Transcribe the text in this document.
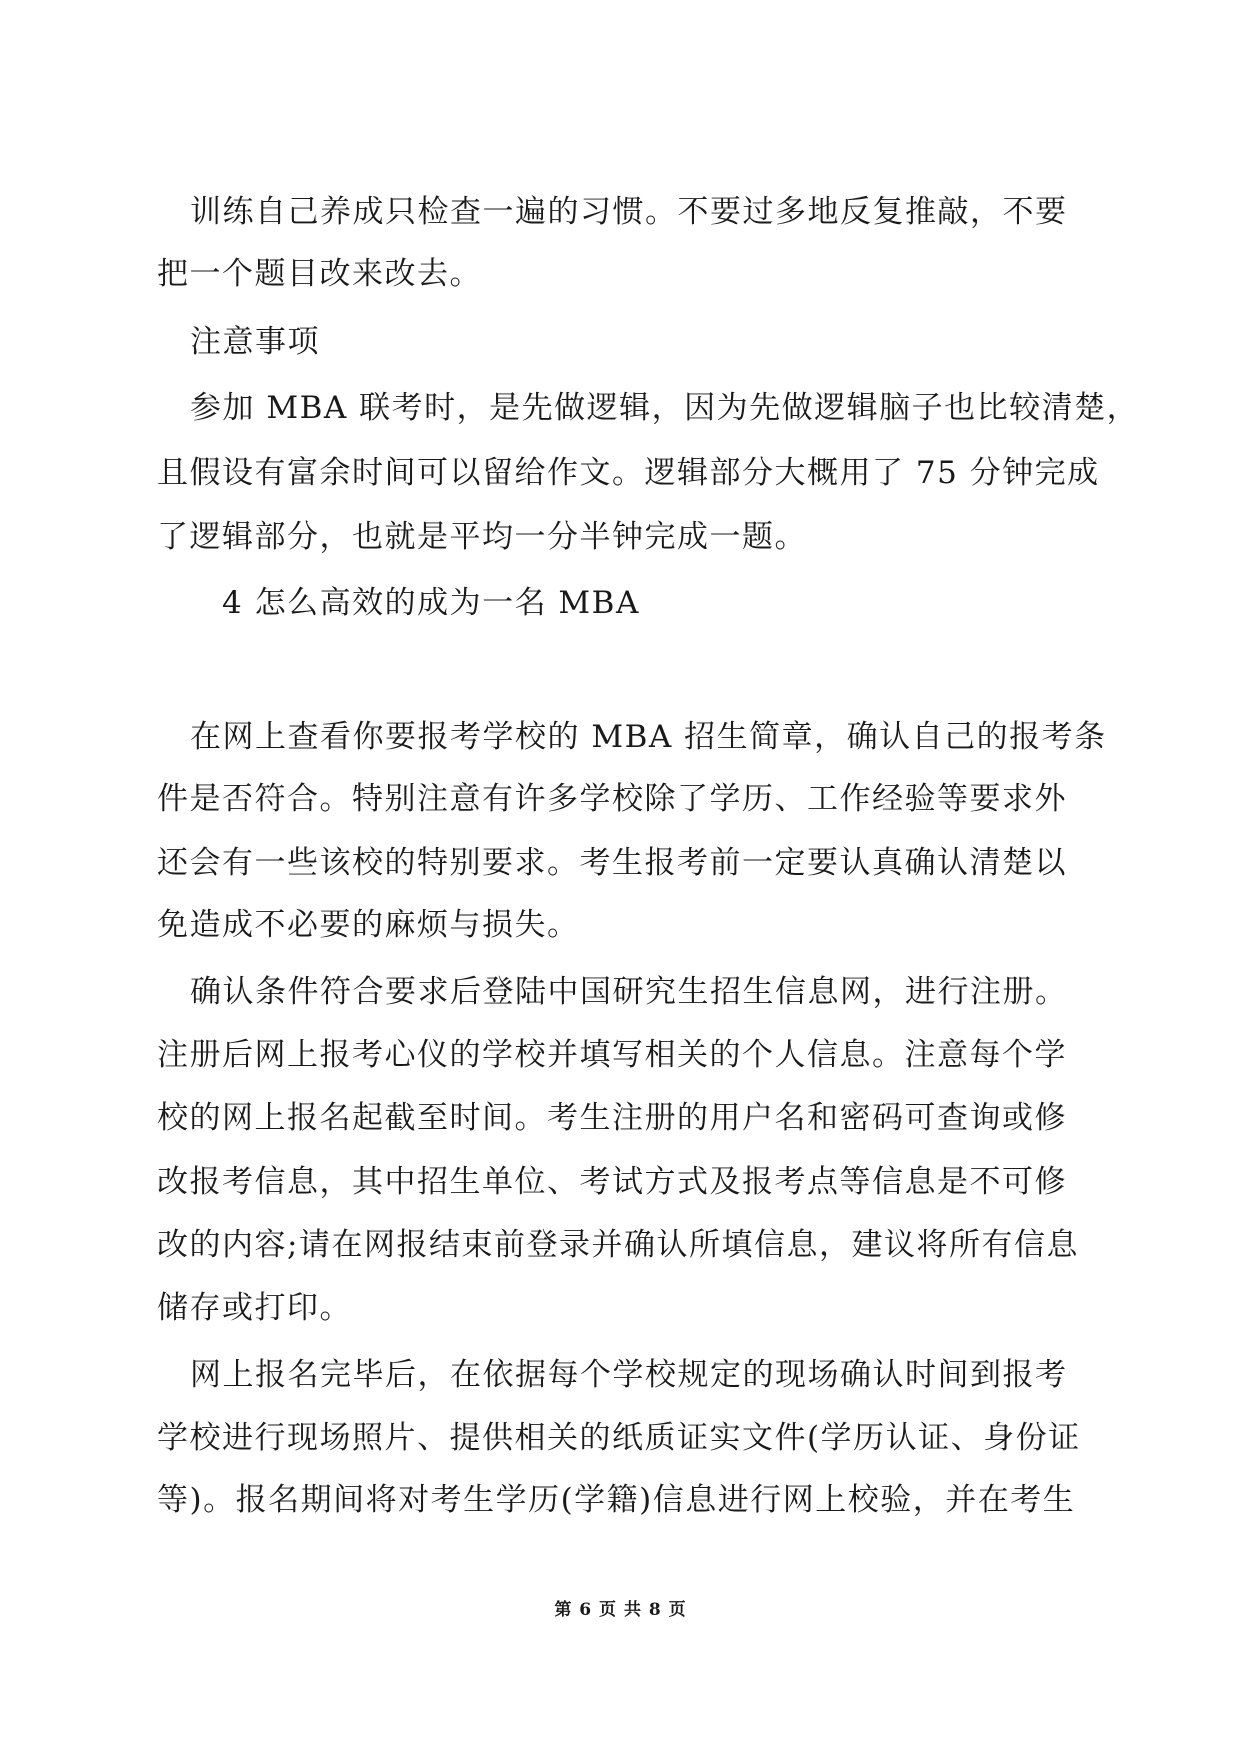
训练自己养成只检查一遍的习惯。不要过多地反复推敲，不要
把一个题目改来改去。
注意事项
参加 MBA 联考时，是先做逻辑，因为先做逻辑脑子也比较清楚，
且假设有富余时间可以留给作文。逻辑部分大概用了 75 分钟完成
了逻辑部分，也就是平均一分半钟完成一题。
4 怎么高效的成为一名 MBA
在网上查看你要报考学校的 MBA 招生简章，确认自己的报考条
件是否符合。特别注意有许多学校除了学历、工作经验等要求外
还会有一些该校的特别要求。考生报考前一定要认真确认清楚以
免造成不必要的麻烦与损失。
确认条件符合要求后登陆中国研究生招生信息网，进行注册。
注册后网上报考心仪的学校并填写相关的个人信息。注意每个学
校的网上报名起截至时间。考生注册的用户名和密码可查询或修
改报考信息，其中招生单位、考试方式及报考点等信息是不可修
改的内容;请在网报结束前登录并确认所填信息，建议将所有信息
储存或打印。
网上报名完毕后，在依据每个学校规定的现场确认时间到报考
学校进行现场照片、提供相关的纸质证实文件(学历认证、身份证
等)。报名期间将对考生学历(学籍)信息进行网上校验，并在考生
第 6 页 共 8 页
